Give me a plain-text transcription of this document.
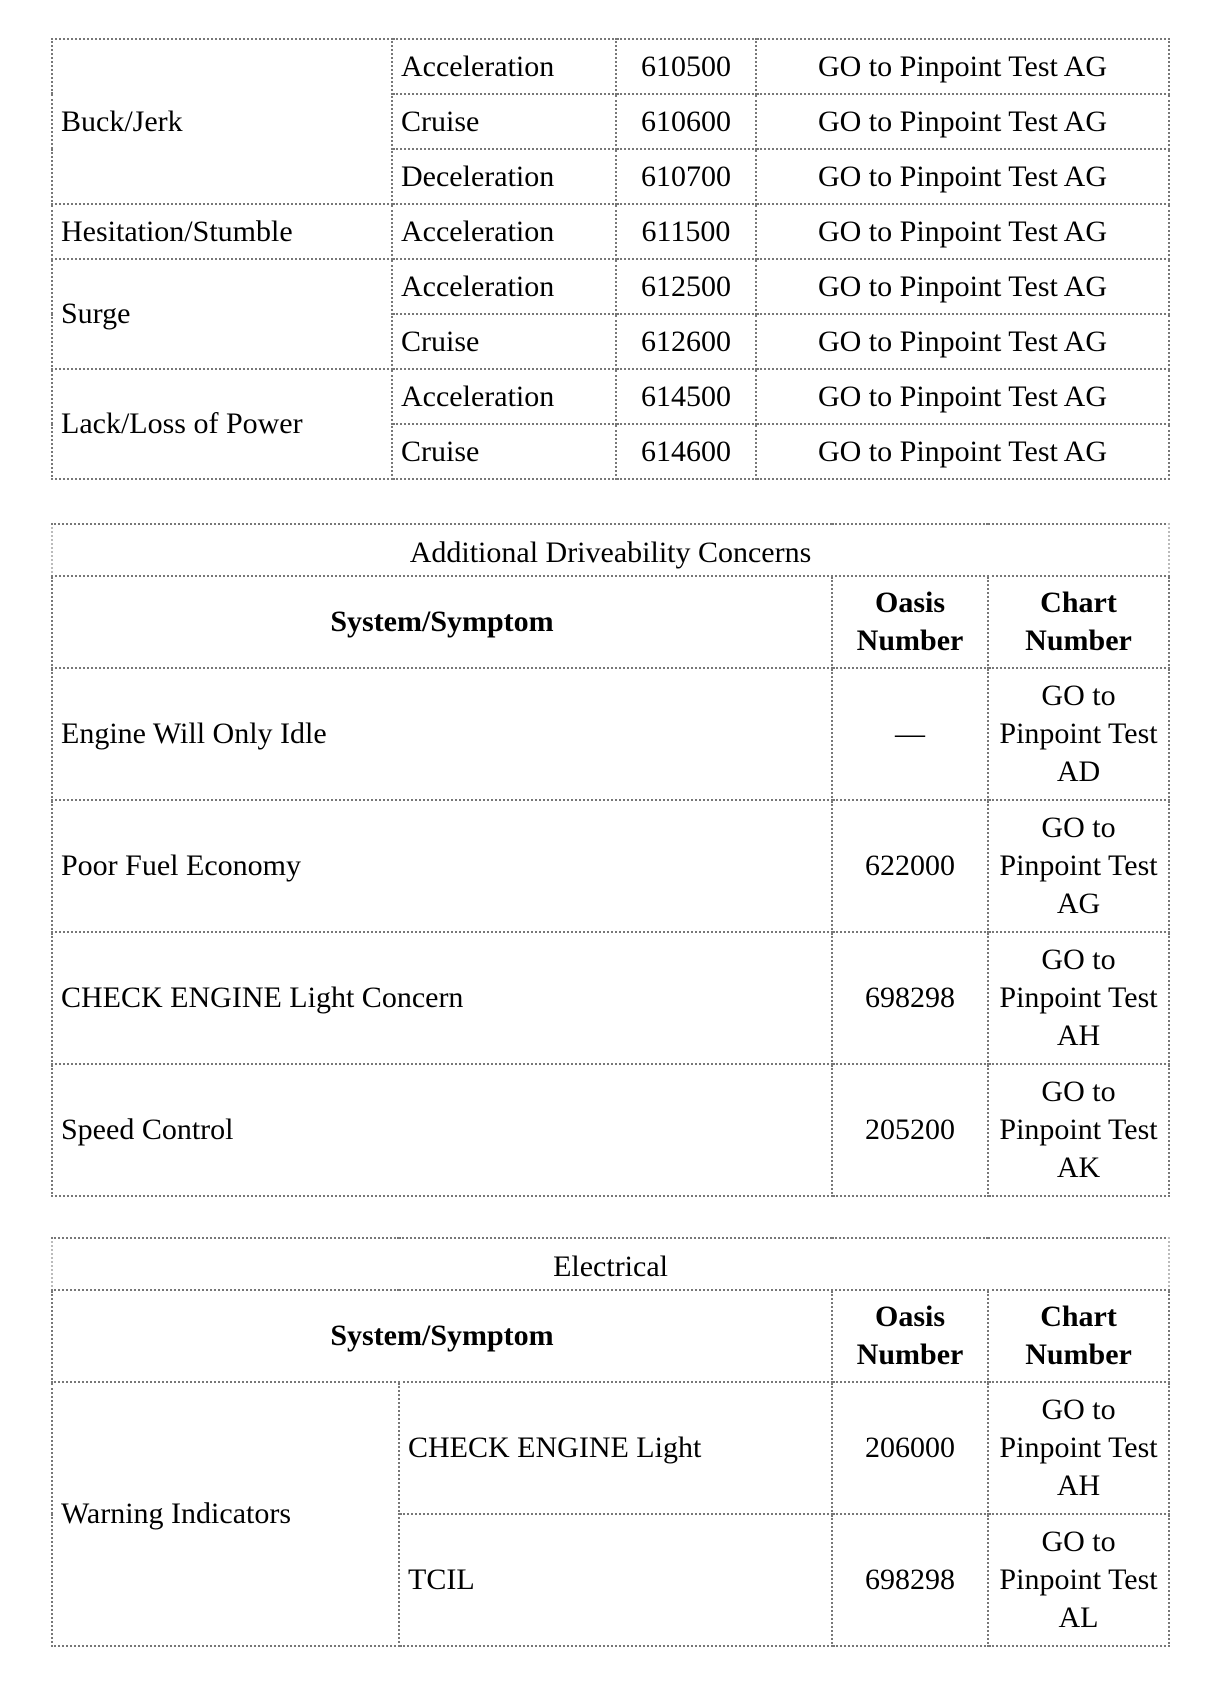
Buck/Jerk	Acceleration	610500	GO to Pinpoint Test AG
	Cruise	610600	GO to Pinpoint Test AG
	Deceleration	610700	GO to Pinpoint Test AG
Hesitation/Stumble	Acceleration	611500	GO to Pinpoint Test AG
Surge	Acceleration	612500	GO to Pinpoint Test AG
	Cruise	612600	GO to Pinpoint Test AG
Lack/Loss of Power	Acceleration	614500	GO to Pinpoint Test AG
	Cruise	614600	GO to Pinpoint Test AG
Additional Driveability Concerns		
System/Symptom	Oasis Number	Chart Number
Engine Will Only Idle	—	GO to Pinpoint Test AD
Poor Fuel Economy	622000	GO to Pinpoint Test AG
CHECK ENGINE Light Concern	698298	GO to Pinpoint Test AH
Speed Control	205200	GO to Pinpoint Test AK
Electrical			
System/Symptom		Oasis Number	Chart Number
Warning Indicators	CHECK ENGINE Light	206000	GO to Pinpoint Test AH
	TCIL	698298	GO to Pinpoint Test AL
